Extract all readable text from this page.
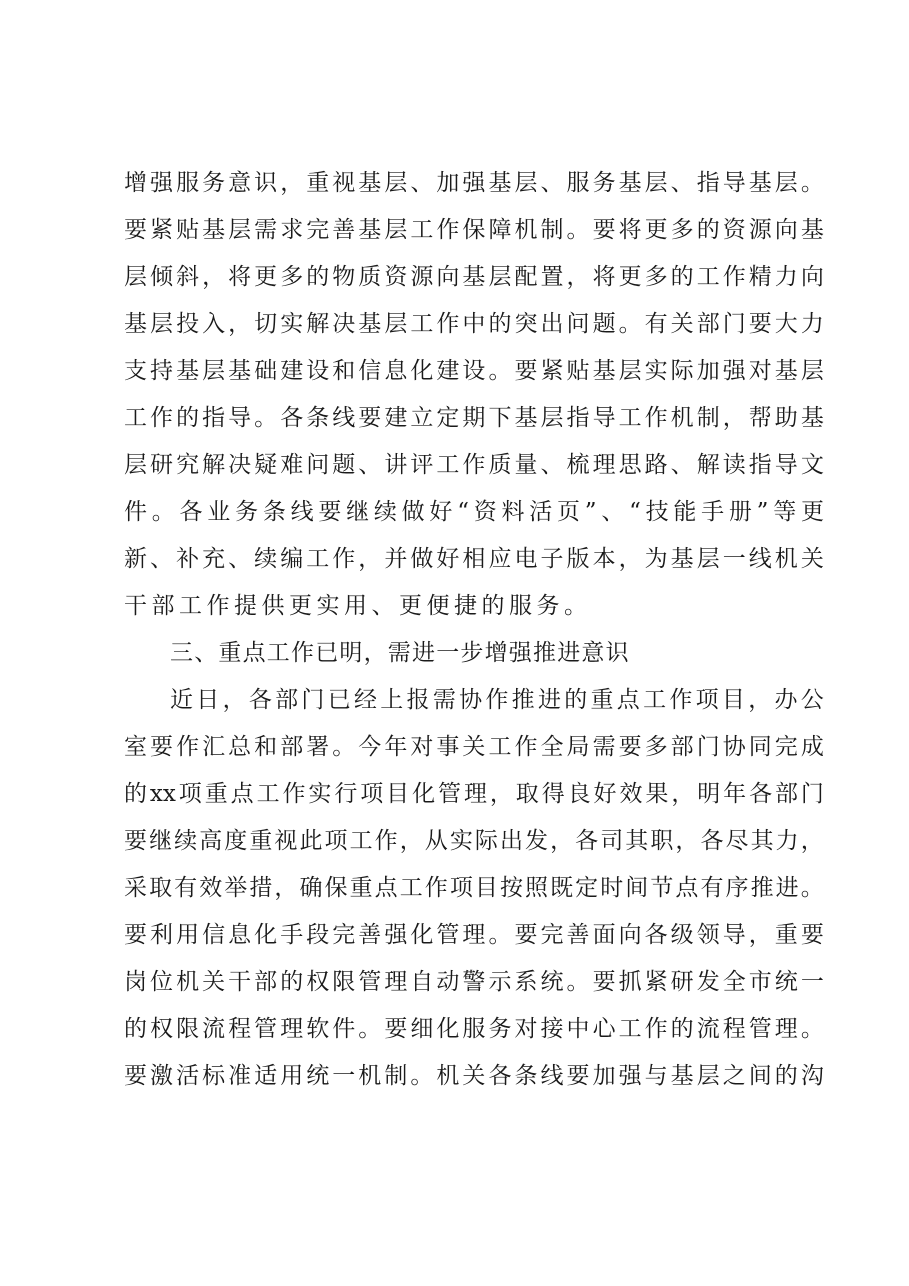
增 强 服 务 意 识 ， 重 视 基 层 、 加 强 基 层 、 服 务 基 层 、 指 导 基 层 。
要 紧 贴 基 层 需 求 完 善 基 层 工 作 保 障 机 制 。 要 将 更 多 的 资 源 向 基
层 倾 斜 ， 将 更 多 的 物 质 资 源 向 基 层 配 置 ， 将 更 多 的 工 作 精 力 向
基 层 投 入 ， 切 实 解 决 基 层 工 作 中 的 突 出 问 题 。 有 关 部 门 要 大 力
支 持 基 层 基 础 建 设 和 信 息 化 建 设 。 要 紧 贴 基 层 实 际 加 强 对 基 层
工 作 的 指 导 。 各 条 线 要 建 立 定 期 下 基 层 指 导 工 作 机 制 ， 帮 助 基
层 研 究 解 决 疑 难 问 题 、 讲 评 工 作 质 量 、 梳 理 思 路 、 解 读 指 导 文
件 。 各 业 务 条 线 要 继 续 做 好 “ 资 料 活 页 ” 、 “ 技 能 手 册 ” 等 更
新 、 补 充 、 续 编 工 作 ， 并 做 好 相 应 电 子 版 本 ， 为 基 层 一 线 机 关
干部工作提供更实用、更便捷的服务。
三、重点工作已明，需进一步增强推进意识
近 日 ， 各 部 门 已 经 上 报 需 协 作 推 进 的 重 点 工 作 项 目 ， 办 公
室 要 作 汇 总 和 部 署 。 今 年 对 事 关 工 作 全 局 需 要 多 部 门 协 同 完 成
的 xx 项 重 点 工 作 实 行 项 目 化 管 理 ， 取 得 良 好 效 果 ， 明 年 各 部 门
要 继 续 高 度 重 视 此 项 工 作 ， 从 实 际 出 发 ， 各 司 其 职 ， 各 尽 其 力 ，
采 取 有 效 举 措 ， 确 保 重 点 工 作 项 目 按 照 既 定 时 间 节 点 有 序 推 进 。
要 利 用 信 息 化 手 段 完 善 强 化 管 理 。 要 完 善 面 向 各 级 领 导 ， 重 要
岗 位 机 关 干 部 的 权 限 管 理 自 动 警 示 系 统 。 要 抓 紧 研 发 全 市 统 一
的 权 限 流 程 管 理 软 件 。 要 细 化 服 务 对 接 中 心 工 作 的 流 程 管 理 。
要 激 活 标 准 适 用 统 一 机 制 。 机 关 各 条 线 要 加 强 与 基 层 之 间 的 沟
